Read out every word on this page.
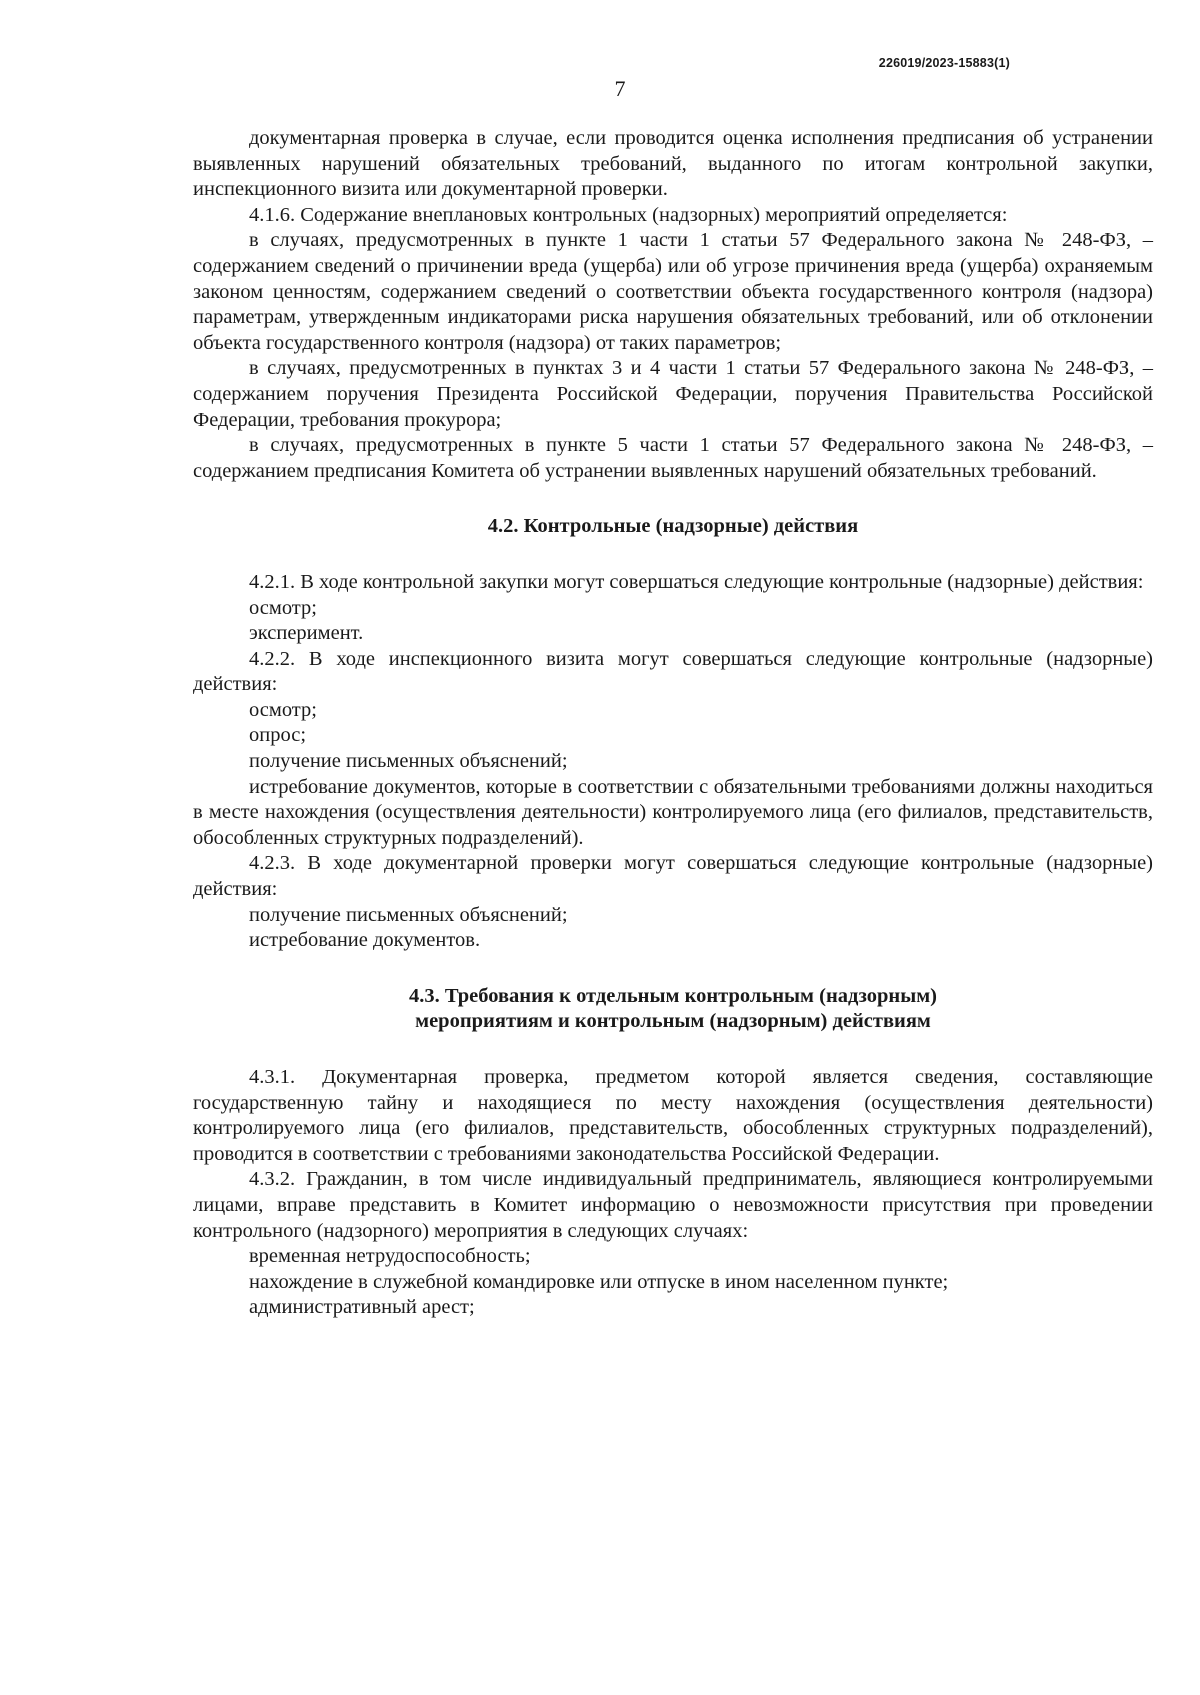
226019/2023-15883(1)
7

документарная проверка в случае, если проводится оценка исполнения предписания об устранении выявленных нарушений обязательных требований, выданного по итогам контрольной закупки, инспекционного визита или документарной проверки.

4.1.6. Содержание внеплановых контрольных (надзорных) мероприятий определяется:

в случаях, предусмотренных в пункте 1 части 1 статьи 57 Федерального закона № 248-ФЗ, – содержанием сведений о причинении вреда (ущерба) или об угрозе причинения вреда (ущерба) охраняемым законом ценностям, содержанием сведений о соответствии объекта государственного контроля (надзора) параметрам, утвержденным индикаторами риска нарушения обязательных требований, или об отклонении объекта государственного контроля (надзора) от таких параметров;

в случаях, предусмотренных в пунктах 3 и 4 части 1 статьи 57 Федерального закона № 248-ФЗ, – содержанием поручения Президента Российской Федерации, поручения Правительства Российской Федерации, требования прокурора;

в случаях, предусмотренных в пункте 5 части 1 статьи 57 Федерального закона № 248-ФЗ, – содержанием предписания Комитета об устранении выявленных нарушений обязательных требований.

4.2. Контрольные (надзорные) действия

4.2.1. В ходе контрольной закупки могут совершаться следующие контрольные (надзорные) действия:

осмотр;

эксперимент.

4.2.2. В ходе инспекционного визита могут совершаться следующие контрольные (надзорные) действия:

осмотр;

опрос;

получение письменных объяснений;

истребование документов, которые в соответствии с обязательными требованиями должны находиться в месте нахождения (осуществления деятельности) контролируемого лица (его филиалов, представительств, обособленных структурных подразделений).

4.2.3. В ходе документарной проверки могут совершаться следующие контрольные (надзорные) действия:

получение письменных объяснений;

истребование документов.

4.3. Требования к отдельным контрольным (надзорным)

мероприятиям и контрольным (надзорным) действиям

4.3.1. Документарная проверка, предметом которой является сведения, составляющие государственную тайну и находящиеся по месту нахождения (осуществления деятельности) контролируемого лица (его филиалов, представительств, обособленных структурных подразделений), проводится в соответствии с требованиями законодательства Российской Федерации.

4.3.2. Гражданин, в том числе индивидуальный предприниматель, являющиеся контролируемыми лицами, вправе представить в Комитет информацию о невозможности присутствия при проведении контрольного (надзорного) мероприятия в следующих случаях:

временная нетрудоспособность;

нахождение в служебной командировке или отпуске в ином населенном пункте;

административный арест;
